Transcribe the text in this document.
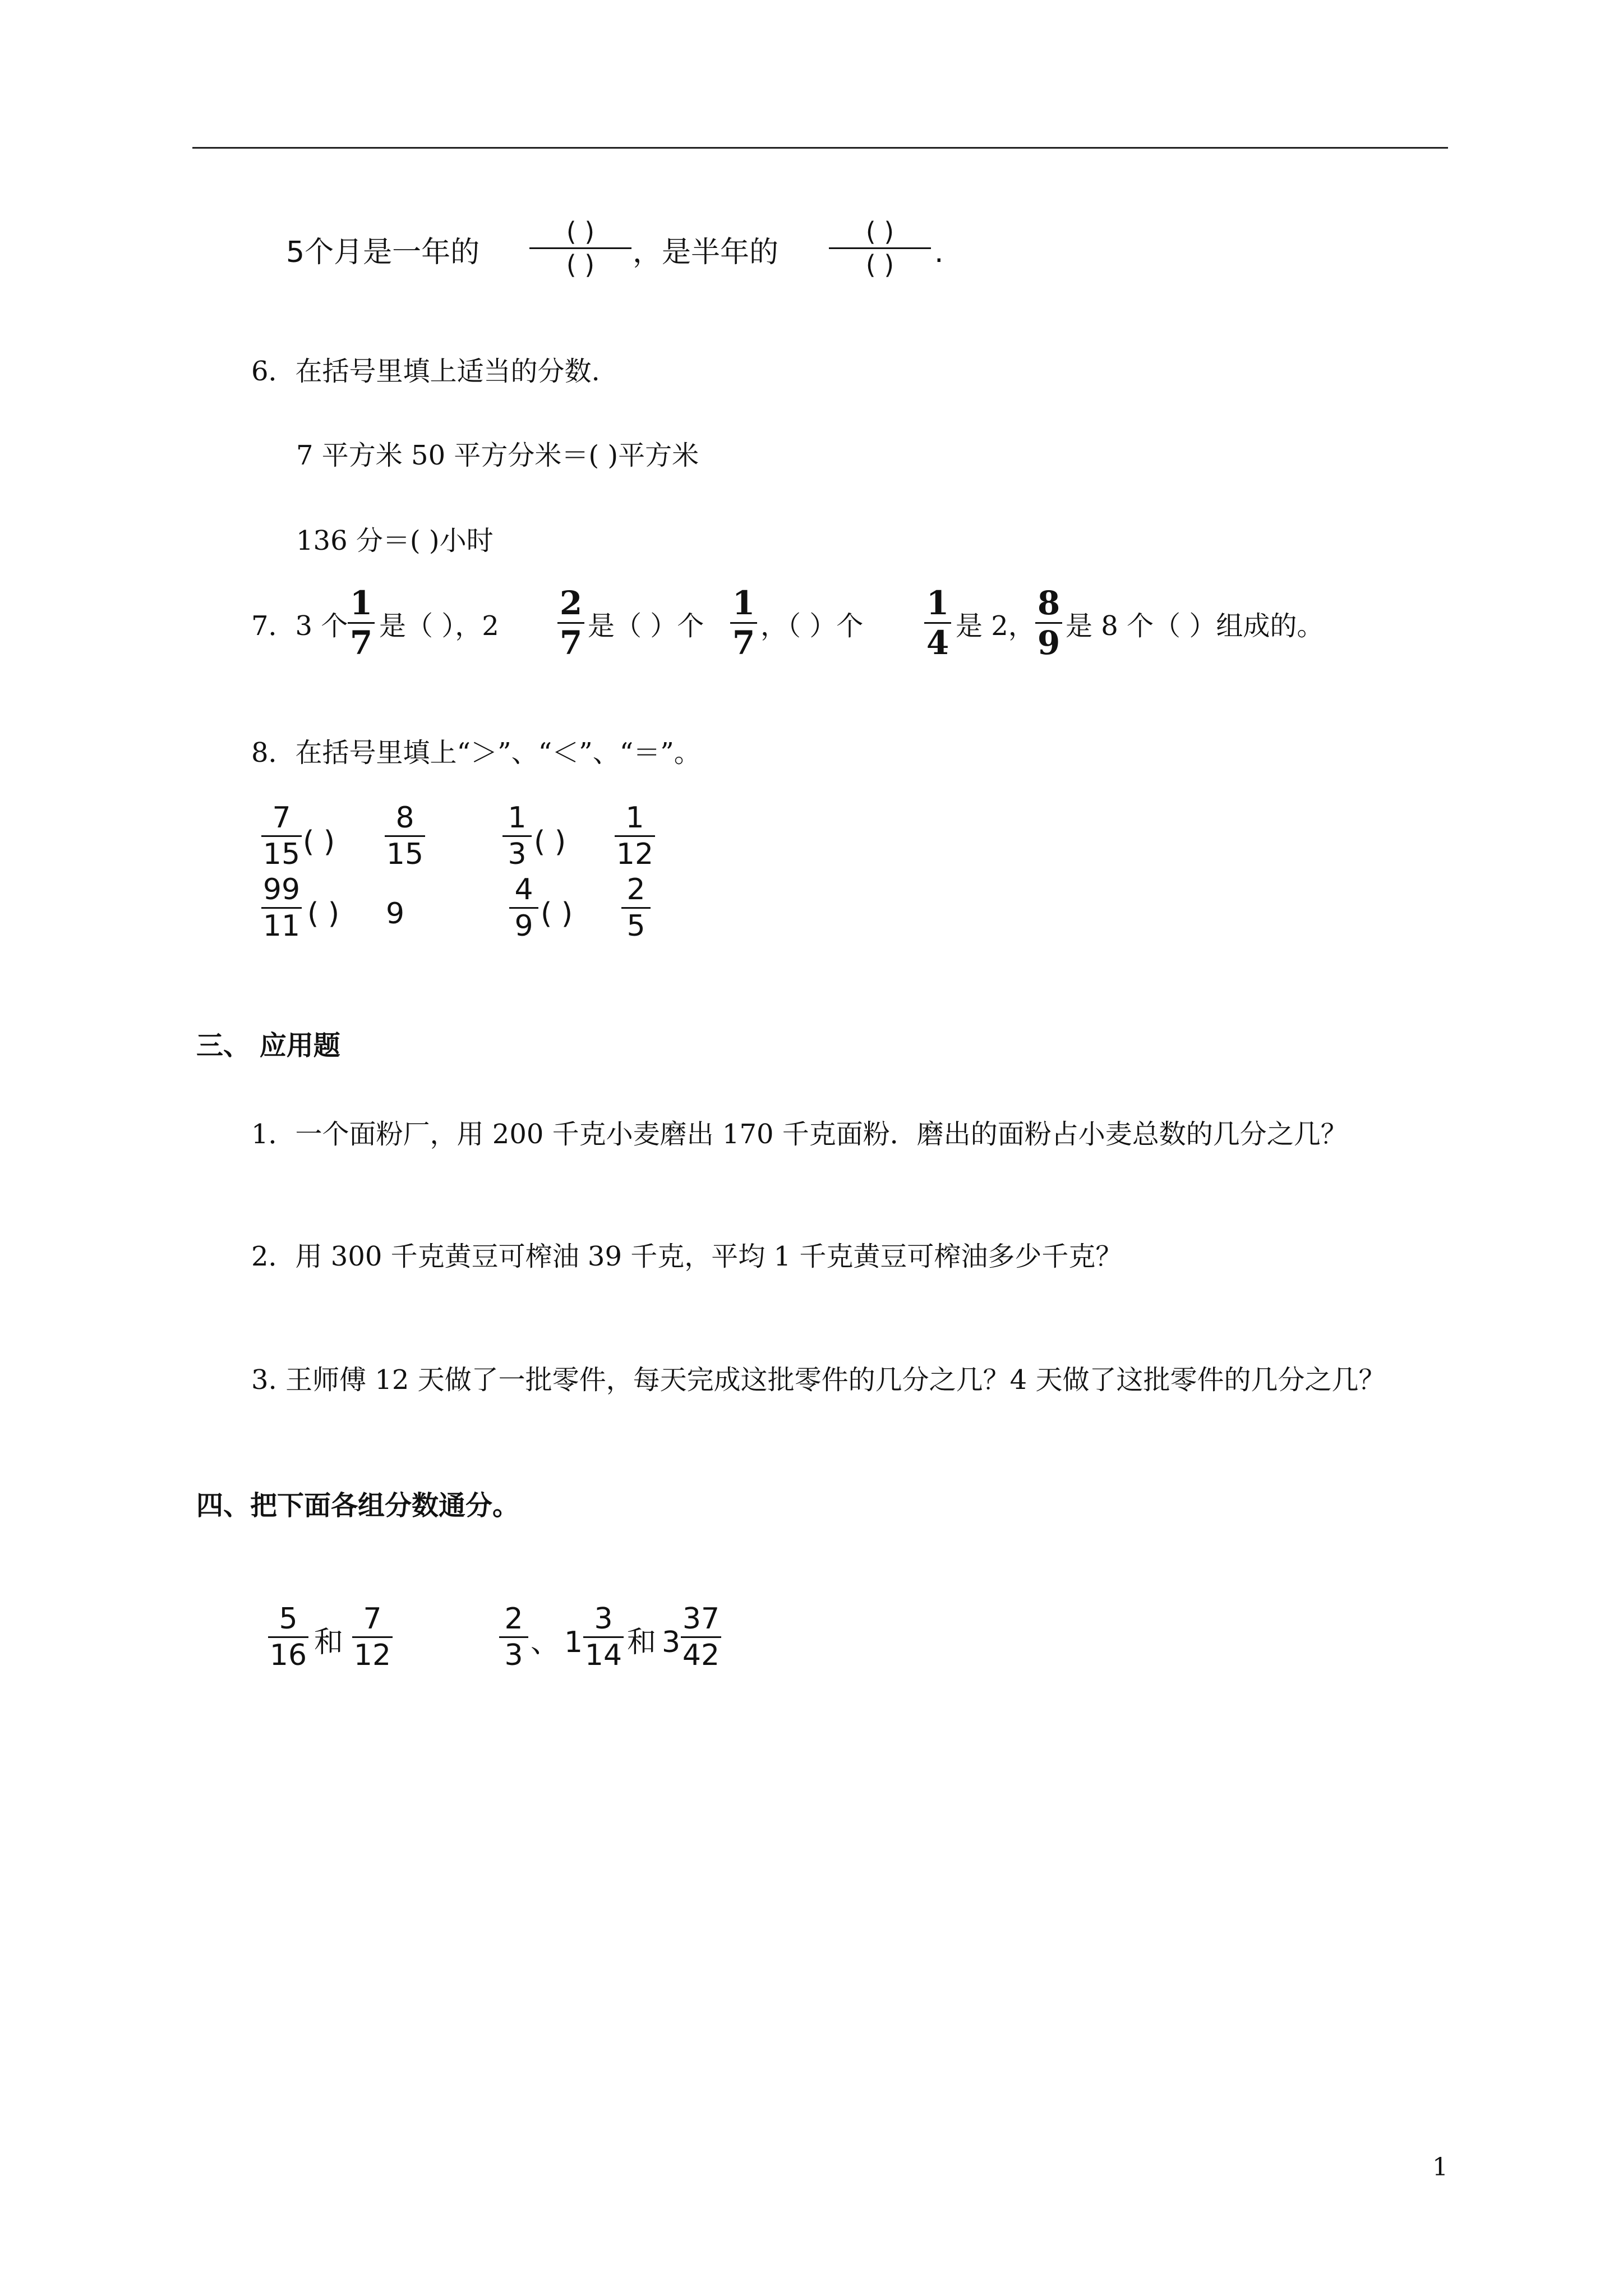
5个月是一年的
( )
( )	，是半年的
( )
( )	.
6．在括号里填上适当的分数.
7 平方米 50 平方分米＝( )平方米
136 分＝( )小时
7．3 个
1
7 是（ ），2
2
7 是（ ）个
1
7 ，（ ）个
1
4 是 2，
8
9 是 8 个（ ）组成的。
8．在括号里填上“＞”、“＜”、“＝”。
7
15 ( )
8
15
1
3 ( )
1
12
99
11 ( ) 9
4
9 ( )
2
5
三、 应用题
1．一个面粉厂，用 200 千克小麦磨出 170 千克面粉．磨出的面粉占小麦总数的几分之几？
2．用 300 千克黄豆可榨油 39 千克，平均 1 千克黄豆可榨油多少千克？
3. 王师傅 12 天做了一批零件，每天完成这批零件的几分之几？4 天做了这批零件的几分之几？
四、把下面各组分数通分。
5
16 和
7
12
2
3 、 1
3
14 和 3
37
42
1
